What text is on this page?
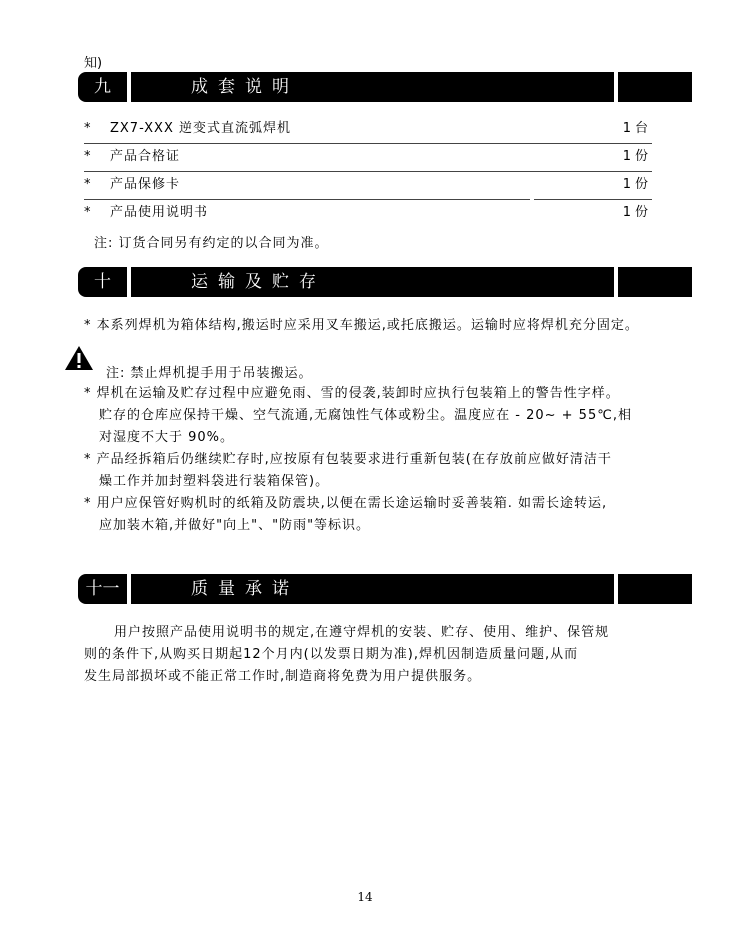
知)
九	成套说明
* ZX7-XXX 逆变式直流弧焊机	1台
* 产品合格证	1份
* 产品保修卡	1份
* 产品使用说明书	1份
注: 订货合同另有约定的以合同为准。
十	运输及贮存
* 本系列焊机为箱体结构,搬运时应采用叉车搬运,或托底搬运。运输时应将焊机充分固定。
注: 禁止焊机提手用于吊装搬运。
* 焊机在运输及贮存过程中应避免雨、雪的侵袭,装卸时应执行包装箱上的警告性字样。
贮存的仓库应保持干燥、空气流通,无腐蚀性气体或粉尘。温度应在 - 20~ + 55℃,相
对湿度不大于 90%。
* 产品经拆箱后仍继续贮存时,应按原有包装要求进行重新包装(在存放前应做好清洁干
燥工作并加封塑料袋进行装箱保管)。
* 用户应保管好购机时的纸箱及防震块,以便在需长途运输时妥善装箱. 如需长途转运,
应加装木箱,并做好"向上"、"防雨"等标识。
十一	质量承诺
用户按照产品使用说明书的规定,在遵守焊机的安装、贮存、使用、维护、保管规
则的条件下,从购买日期起12个月内(以发票日期为准),焊机因制造质量问题,从而
发生局部损坏或不能正常工作时,制造商将免费为用户提供服务。
14
